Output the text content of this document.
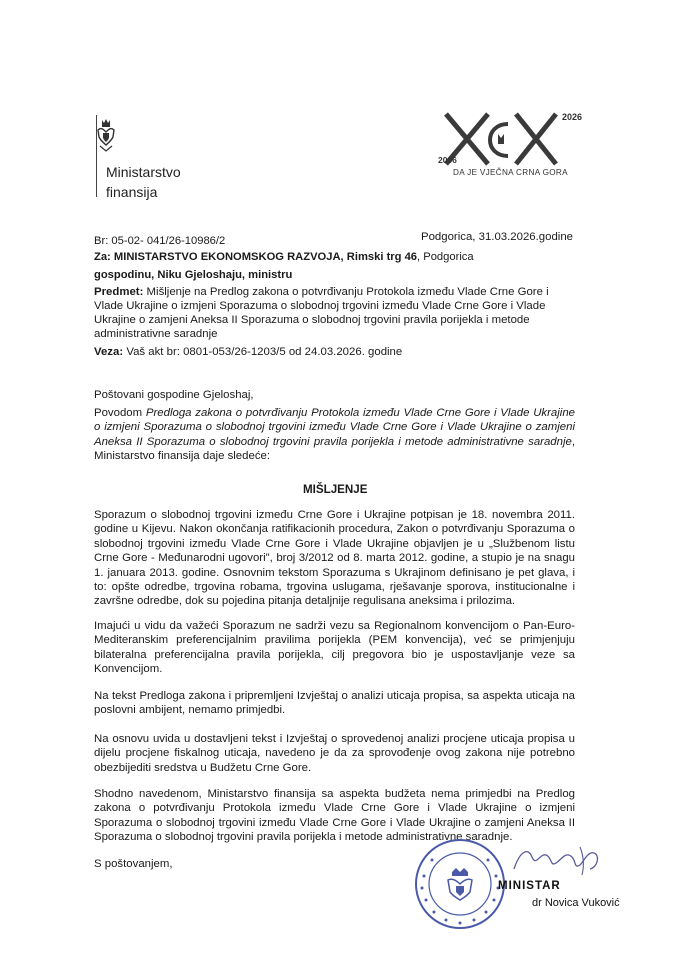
Ministarstvo
finansija
2006
2026
DA JE VJEČNA CRNA GORA
Br: 05-02- 041/26-10986/2	Podgorica, 31.03.2026.godine
Za: MINISTARSTVO EKONOMSKOG RAZVOJA, Rimski trg 46, Podgorica
gospodinu, Niku Gjeloshaju, ministru
Predmet: Mišljenje na Predlog zakona o potvrđivanju Protokola između Vlade Crne Gore i
Vlade Ukrajine o izmjeni Sporazuma o slobodnoj trgovini između Vlade Crne Gore i Vlade
Ukrajine o zamjeni Aneksa II Sporazuma o slobodnoj trgovini pravila porijekla i metode
administrativne saradnje
Veza: Vaš akt br: 0801-053/26-1203/5 od 24.03.2026. godine
Poštovani gospodine Gjeloshaj,
Povodom Predloga zakona o potvrđivanju Protokola između Vlade Crne Gore i Vlade Ukrajine o izmjeni Sporazuma o slobodnoj trgovini između Vlade Crne Gore i Vlade Ukrajine o zamjeni Aneksa II Sporazuma o slobodnoj trgovini pravila porijekla i metode administrativne saradnje, Ministarstvo finansija daje sledeće:
MIŠLJENJE
Sporazum o slobodnoj trgovini između Crne Gore i Ukrajine potpisan je 18. novembra 2011. godine u Kijevu. Nakon okončanja ratifikacionih procedura, Zakon o potvrđivanju Sporazuma o slobodnoj trgovini između Vlade Crne Gore i Vlade Ukrajine objavljen je u „Službenom listu Crne Gore - Međunarodni ugovori", broj 3/2012 od 8. marta 2012. godine, a stupio je na snagu 1. januara 2013. godine. Osnovnim tekstom Sporazuma s Ukrajinom definisano je pet glava, i to: opšte odredbe, trgovina robama, trgovina uslugama, rješavanje sporova, institucionalne i završne odredbe, dok su pojedina pitanja detaljnije regulisana aneksima i prilozima.
Imajući u vidu da važeći Sporazum ne sadrži vezu sa Regionalnom konvencijom o Pan-Euro-Mediteranskim preferencijalnim pravilima porijekla (PEM konvencija), već se primjenjuju bilateralna preferencijalna pravila porijekla, cilj pregovora bio je uspostavljanje veze sa Konvencijom.
Na tekst Predloga zakona i pripremljeni Izvještaj o analizi uticaja propisa, sa aspekta uticaja na poslovni ambijent, nemamo primjedbi.
Na osnovu uvida u dostavljeni tekst i Izvještaj o sprovedenoj analizi procjene uticaja propisa u dijelu procjene fiskalnog uticaja, navedeno je da za sprovođenje ovog zakona nije potrebno obezbijediti sredstva u Budžetu Crne Gore.
Shodno navedenom, Ministarstvo finansija sa aspekta budžeta nema primjedbi na Predlog zakona o potvrđivanju Protokola između Vlade Crne Gore i Vlade Ukrajine o izmjeni Sporazuma o slobodnoj trgovini između Vlade Crne Gore i Vlade Ukrajine o zamjeni Aneksa II Sporazuma o slobodnoj trgovini pravila porijekla i metode administrativne saradnje.
S poštovanjem,
MINISTAR
dr Novica Vuković
